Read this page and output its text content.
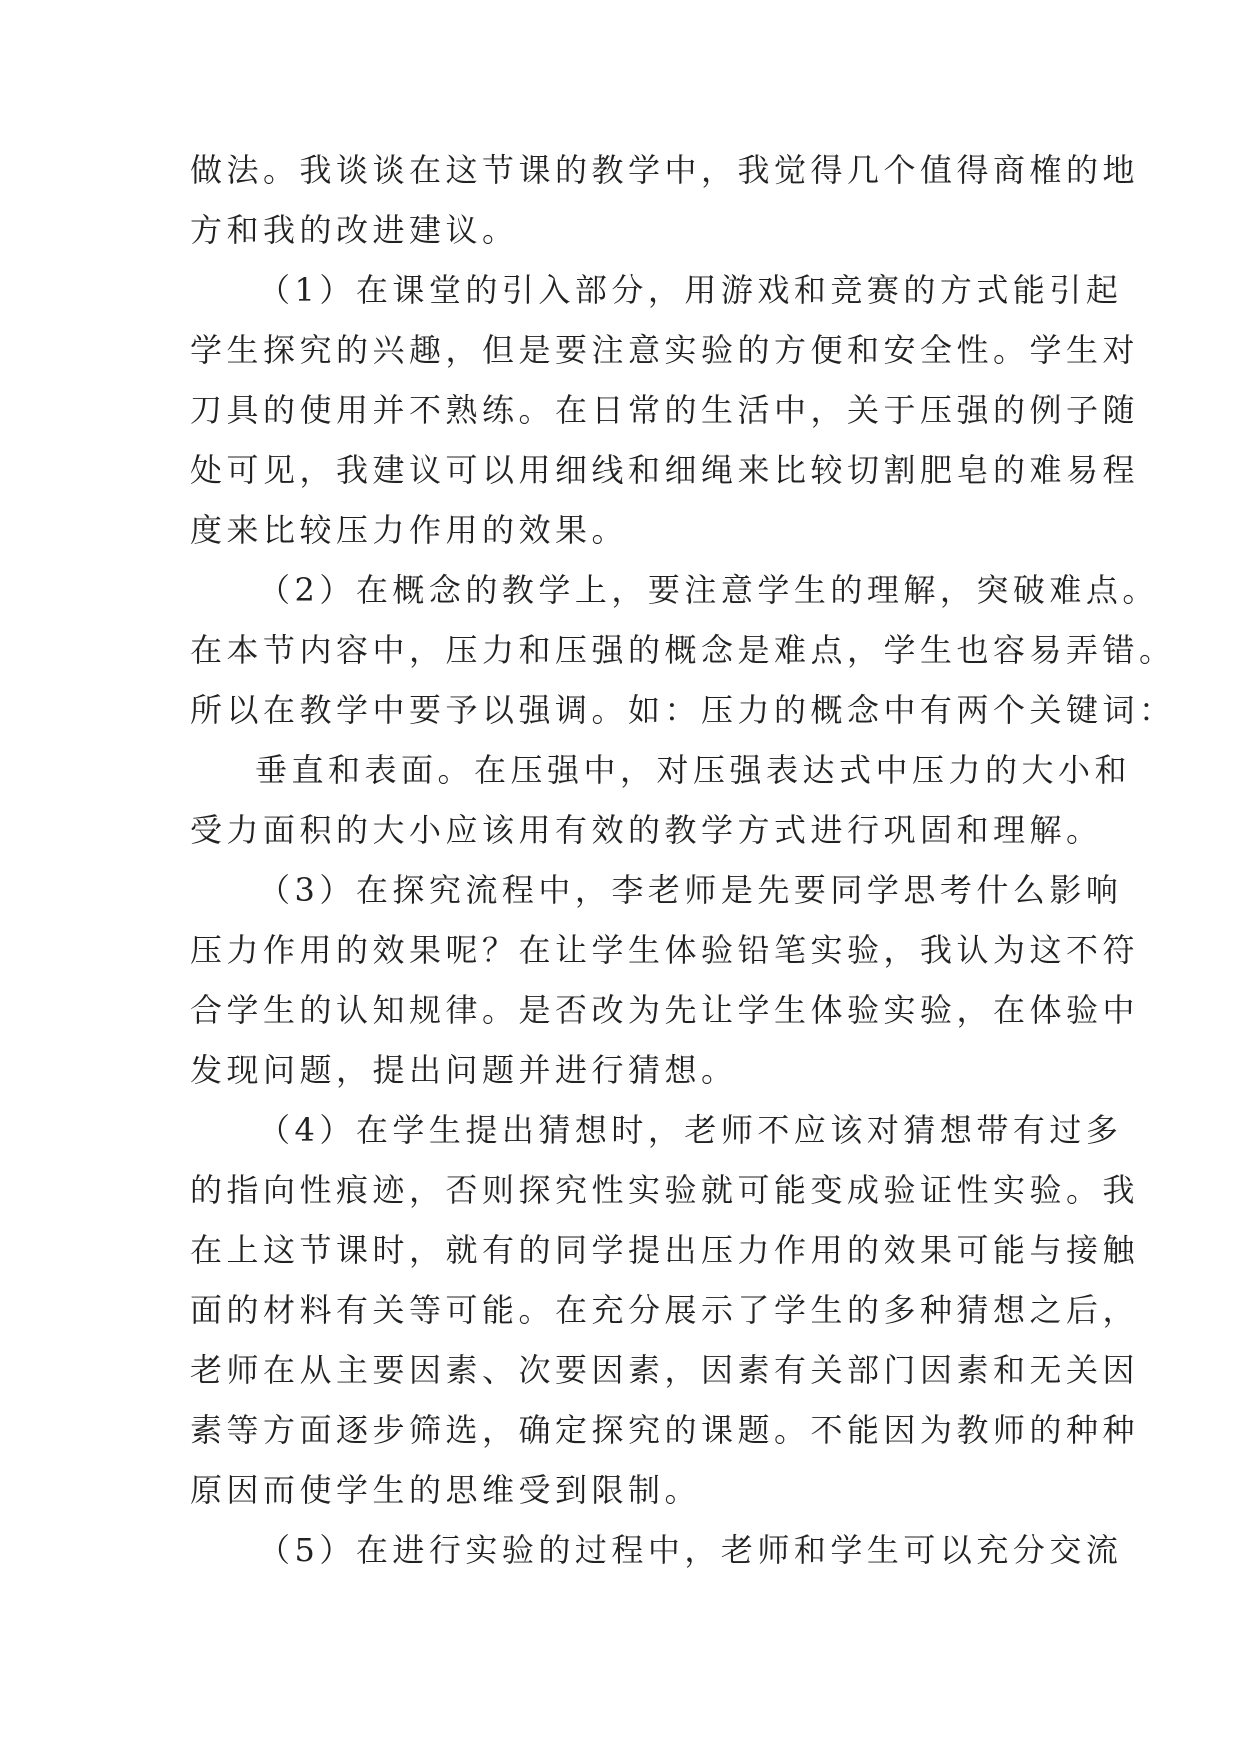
做法。我谈谈在这节课的教学中，我觉得几个值得商榷的地
方和我的改进建议。
（1）在课堂的引入部分，用游戏和竞赛的方式能引起
学生探究的兴趣，但是要注意实验的方便和安全性。学生对
刀具的使用并不熟练。在日常的生活中，关于压强的例子随
处可见，我建议可以用细线和细绳来比较切割肥皂的难易程
度来比较压力作用的效果。
（2）在概念的教学上，要注意学生的理解，突破难点。
在本节内容中，压力和压强的概念是难点，学生也容易弄错。
所以在教学中要予以强调。如：压力的概念中有两个关键词：
垂直和表面。在压强中，对压强表达式中压力的大小和
受力面积的大小应该用有效的教学方式进行巩固和理解。
（3）在探究流程中，李老师是先要同学思考什么影响
压力作用的效果呢？在让学生体验铅笔实验，我认为这不符
合学生的认知规律。是否改为先让学生体验实验，在体验中
发现问题，提出问题并进行猜想。
（4）在学生提出猜想时，老师不应该对猜想带有过多
的指向性痕迹，否则探究性实验就可能变成验证性实验。我
在上这节课时，就有的同学提出压力作用的效果可能与接触
面的材料有关等可能。在充分展示了学生的多种猜想之后，
老师在从主要因素、次要因素，因素有关部门因素和无关因
素等方面逐步筛选，确定探究的课题。不能因为教师的种种
原因而使学生的思维受到限制。
（5）在进行实验的过程中，老师和学生可以充分交流
